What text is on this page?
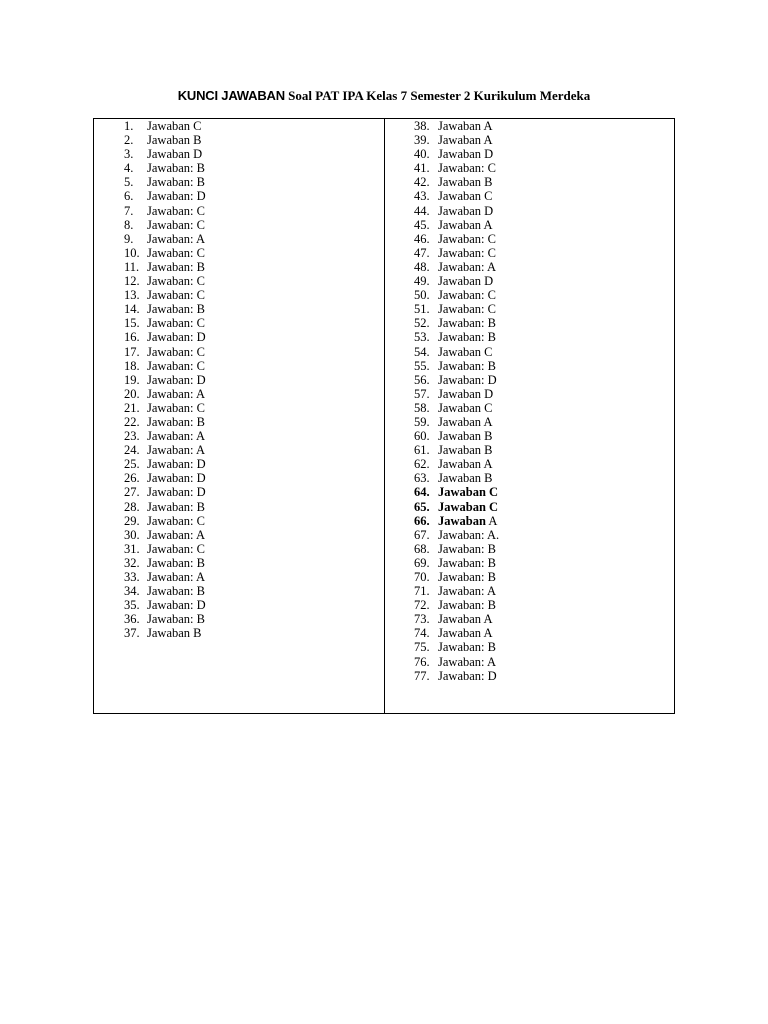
KUNCI JAWABAN Soal PAT IPA Kelas 7 Semester 2 Kurikulum Merdeka
1. Jawaban C
2. Jawaban B
3. Jawaban D
4. Jawaban: B
5. Jawaban: B
6. Jawaban: D
7. Jawaban: C
8. Jawaban: C
9. Jawaban: A
10. Jawaban: C
11. Jawaban: B
12. Jawaban: C
13. Jawaban: C
14. Jawaban: B
15. Jawaban: C
16. Jawaban: D
17. Jawaban: C
18. Jawaban: C
19. Jawaban: D
20. Jawaban: A
21. Jawaban: C
22. Jawaban: B
23. Jawaban: A
24. Jawaban: A
25. Jawaban: D
26. Jawaban: D
27. Jawaban: D
28. Jawaban: B
29. Jawaban: C
30. Jawaban: A
31. Jawaban: C
32. Jawaban: B
33. Jawaban: A
34. Jawaban: B
35. Jawaban: D
36. Jawaban: B
37. Jawaban B
38. Jawaban A
39. Jawaban A
40. Jawaban D
41. Jawaban: C
42. Jawaban B
43. Jawaban C
44. Jawaban D
45. Jawaban A
46. Jawaban: C
47. Jawaban: C
48. Jawaban: A
49. Jawaban D
50. Jawaban: C
51. Jawaban: C
52. Jawaban: B
53. Jawaban: B
54. Jawaban C
55. Jawaban: B
56. Jawaban: D
57. Jawaban D
58. Jawaban C
59. Jawaban A
60. Jawaban B
61. Jawaban B
62. Jawaban A
63. Jawaban B
64. Jawaban C
65. Jawaban C
66. Jawaban A
67. Jawaban: A.
68. Jawaban: B
69. Jawaban: B
70. Jawaban: B
71. Jawaban: A
72. Jawaban: B
73. Jawaban A
74. Jawaban A
75. Jawaban: B
76. Jawaban: A
77. Jawaban: D
